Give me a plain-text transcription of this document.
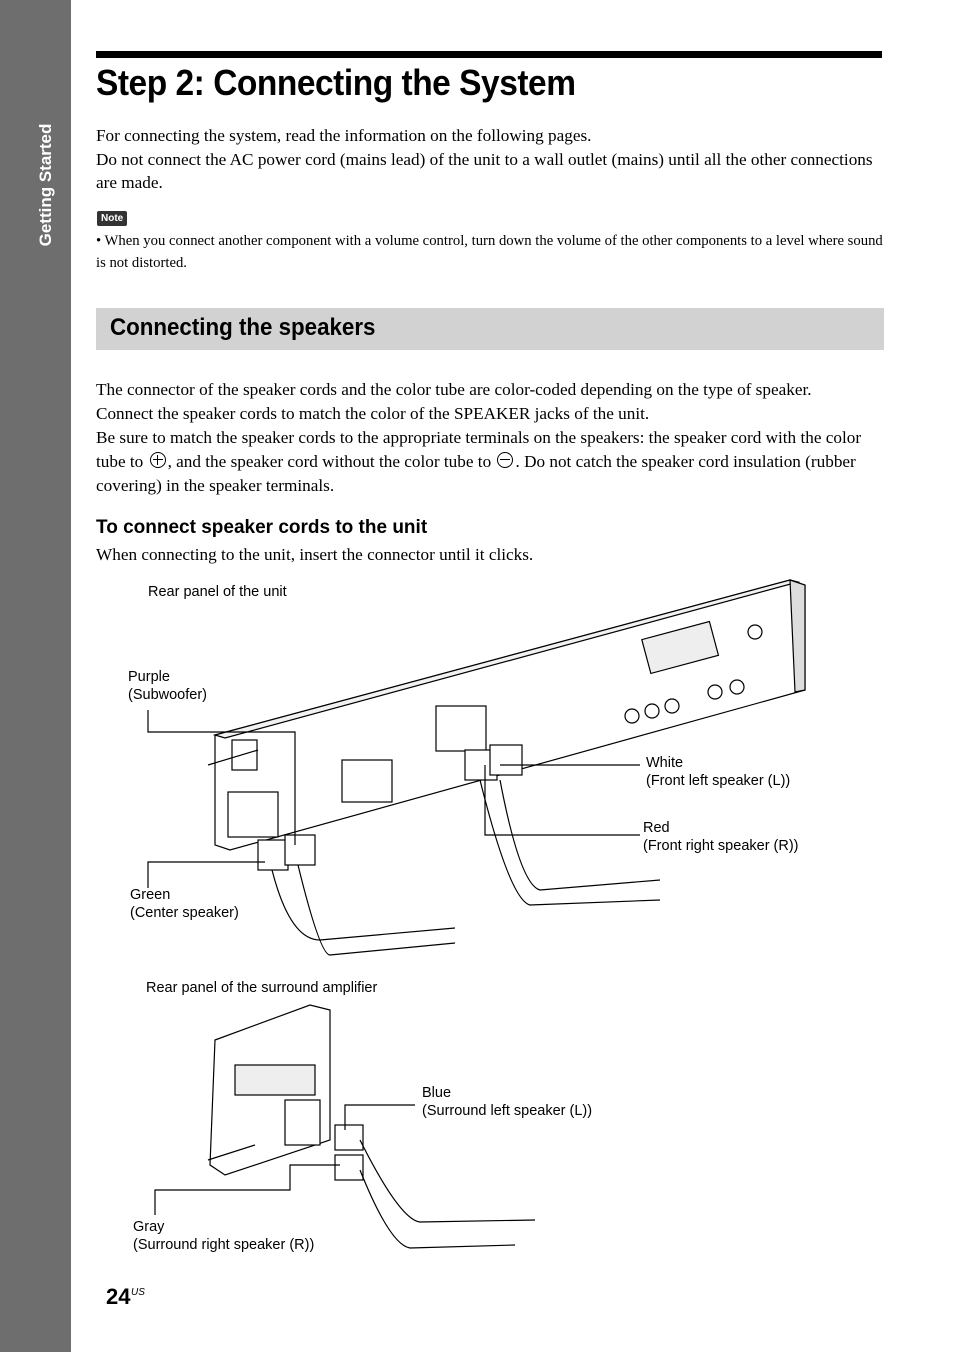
Getting Started
Step 2: Connecting the System

For connecting the system, read the information on the following pages.

Do not connect the AC power cord (mains lead) of the unit to a wall outlet (mains) until all the other connections are made.

Note
• When you connect another component with a volume control, turn down the volume of the other components to a level where sound is not distorted.
Connecting the speakers

The connector of the speaker cords and the color tube are color-coded depending on the type of speaker.

Connect the speaker cords to match the color of the SPEAKER jacks of the unit.

Be sure to match the speaker cords to the appropriate terminals on the speakers: the speaker cord with the color tube to , and the speaker cord without the color tube to . Do not catch the speaker cord insulation (rubber covering) in the speaker terminals.

To connect speaker cords to the unit
When connecting to the unit, insert the connector until it clicks.
Rear panel of the unit
Purple
(Subwoofer)
White
(Front left speaker (L))
Red
(Front right speaker (R))
Green
(Center speaker)
Rear panel of the surround amplifier
Blue
(Surround left speaker (L))
Gray
(Surround right speaker (R))
24 US
